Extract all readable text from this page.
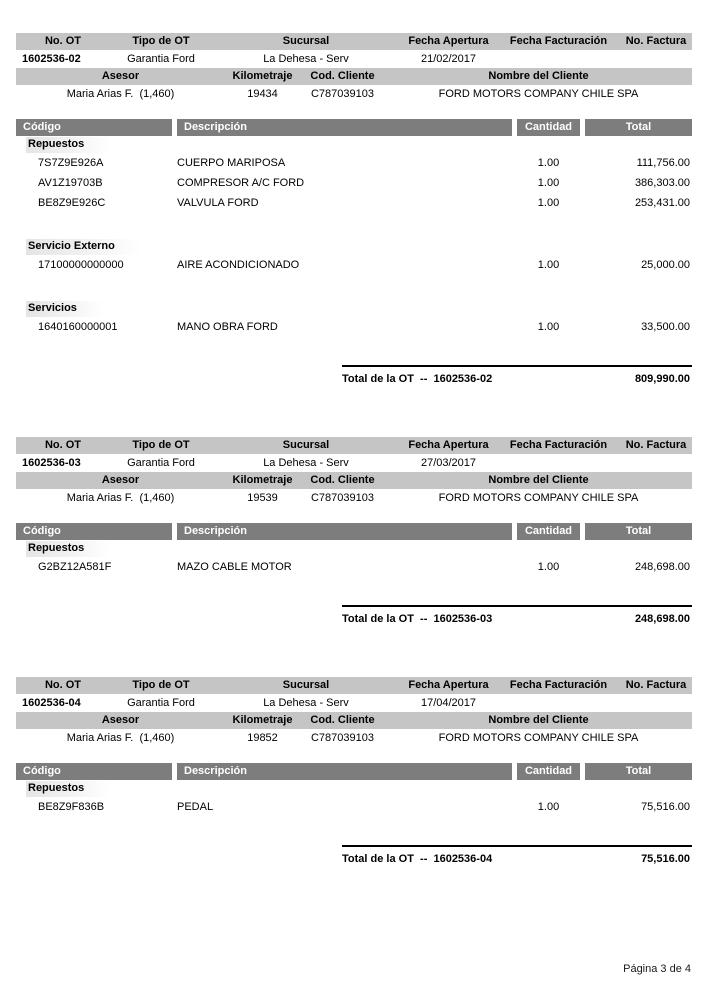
No. OT	Tipo de OT	Sucursal	Fecha Apertura	Fecha Facturación	No. Factura
1602536-02	Garantia Ford	La Dehesa - Serv	21/02/2017
Asesor	Kilometraje	Cod. Cliente	Nombre del Cliente
Maria Arias F.  (1,460)	19434	C787039103	FORD MOTORS COMPANY CHILE SPA
Código	Descripción	Cantidad	Total
Repuestos
7S7Z9E926A	CUERPO MARIPOSA	1.00	111,756.00
AV1Z19703B	COMPRESOR A/C FORD	1.00	386,303.00
BE8Z9E926C	VALVULA FORD	1.00	253,431.00
Servicio Externo
17100000000000	AIRE ACONDICIONADO	1.00	25,000.00
Servicios
1640160000001	MANO OBRA FORD	1.00	33,500.00
Total de la OT  --  1602536-02	809,990.00
No. OT	Tipo de OT	Sucursal	Fecha Apertura	Fecha Facturación	No. Factura
1602536-03	Garantia Ford	La Dehesa - Serv	27/03/2017
Asesor	Kilometraje	Cod. Cliente	Nombre del Cliente
Maria Arias F.  (1,460)	19539	C787039103	FORD MOTORS COMPANY CHILE SPA
Código	Descripción	Cantidad	Total
Repuestos
G2BZ12A581F	MAZO CABLE MOTOR	1.00	248,698.00
Total de la OT  --  1602536-03	248,698.00
No. OT	Tipo de OT	Sucursal	Fecha Apertura	Fecha Facturación	No. Factura
1602536-04	Garantia Ford	La Dehesa - Serv	17/04/2017
Asesor	Kilometraje	Cod. Cliente	Nombre del Cliente
Maria Arias F.  (1,460)	19852	C787039103	FORD MOTORS COMPANY CHILE SPA
Código	Descripción	Cantidad	Total
Repuestos
BE8Z9F836B	PEDAL	1.00	75,516.00
Total de la OT  --  1602536-04	75,516.00
Página 3 de 4
